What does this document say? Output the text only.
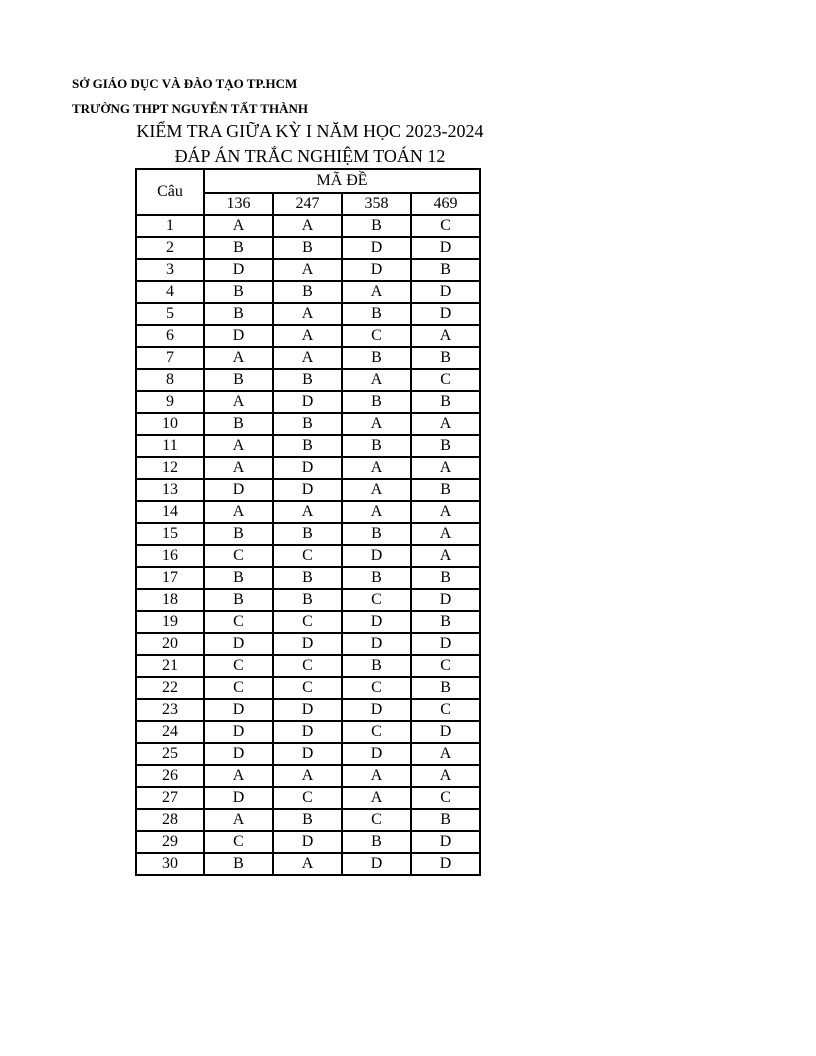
SỞ GIÁO DỤC VÀ ĐÀO TẠO TP.HCM
TRƯỜNG THPT NGUYỄN TẤT THÀNH
KIỂM TRA GIỮA KỲ I NĂM HỌC 2023-2024
ĐÁP ÁN TRẮC NGHIỆM TOÁN 12
Câu	MÃ ĐỀ			
	136	247	358	469
1	A	A	B	C
2	B	B	D	D
3	D	A	D	B
4	B	B	A	D
5	B	A	B	D
6	D	A	C	A
7	A	A	B	B
8	B	B	A	C
9	A	D	B	B
10	B	B	A	A
11	A	B	B	B
12	A	D	A	A
13	D	D	A	B
14	A	A	A	A
15	B	B	B	A
16	C	C	D	A
17	B	B	B	B
18	B	B	C	D
19	C	C	D	B
20	D	D	D	D
21	C	C	B	C
22	C	C	C	B
23	D	D	D	C
24	D	D	C	D
25	D	D	D	A
26	A	A	A	A
27	D	C	A	C
28	A	B	C	B
29	C	D	B	D
30	B	A	D	D
